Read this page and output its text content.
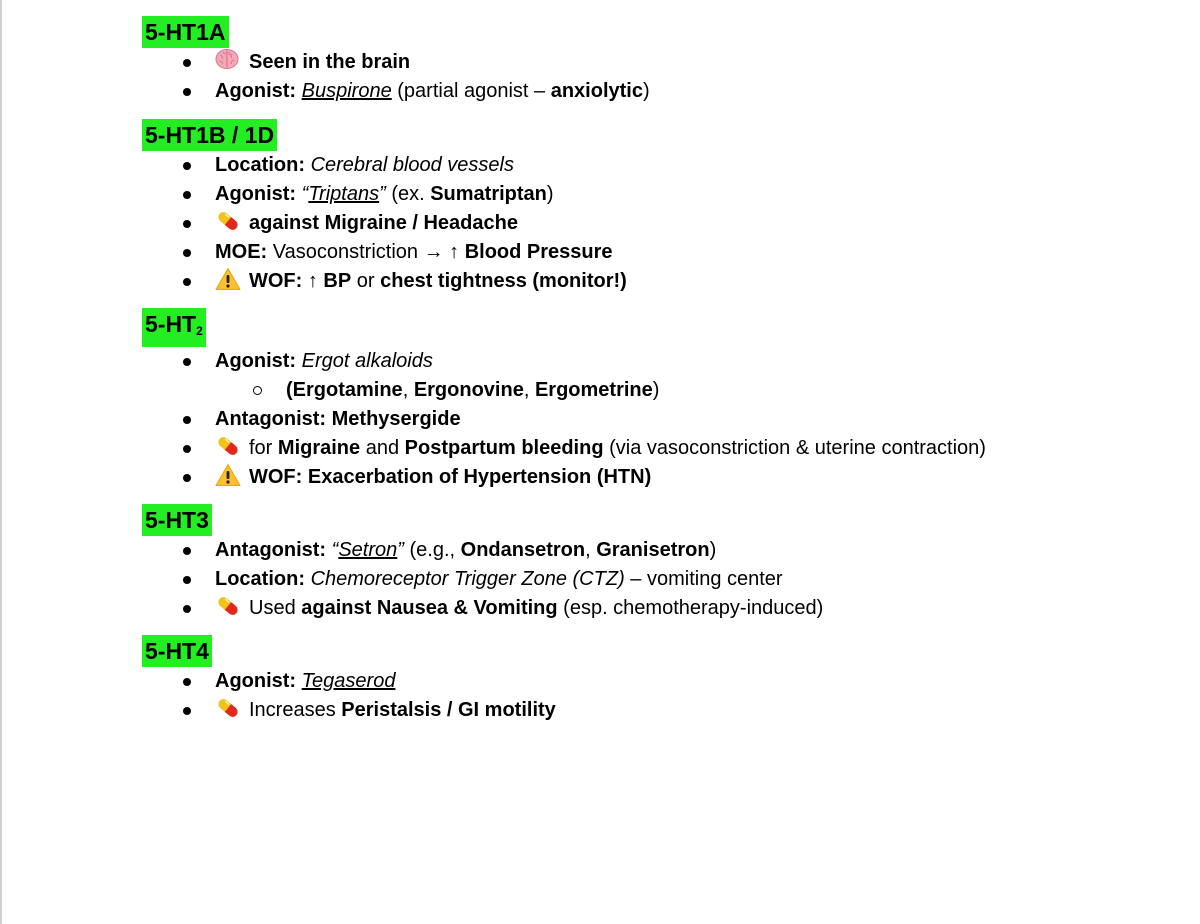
5-HT1A
Seen in the brain
Agonist: Buspirone (partial agonist – anxiolytic)
5-HT1B / 1D
Location: Cerebral blood vessels
Agonist: “Triptans” (ex. Sumatriptan)
against Migraine / Headache
MOE: Vasoconstriction → ↑ Blood Pressure
WOF: ↑ BP or chest tightness (monitor!)
$5-HT_2$
Agonist: Ergot alkaloids
(Ergotamine, Ergonovine, Ergometrine)
Antagonist: Methysergide
for Migraine and Postpartum bleeding (via vasoconstriction & uterine contraction)
WOF: Exacerbation of Hypertension (HTN)
5-HT3
Antagonist: “Setron” (e.g., Ondansetron, Granisetron)
Location: Chemoreceptor Trigger Zone (CTZ) – vomiting center
Used against Nausea & Vomiting (esp. chemotherapy-induced)
5-HT4
Agonist: Tegaserod
Increases Peristalsis / GI motility
